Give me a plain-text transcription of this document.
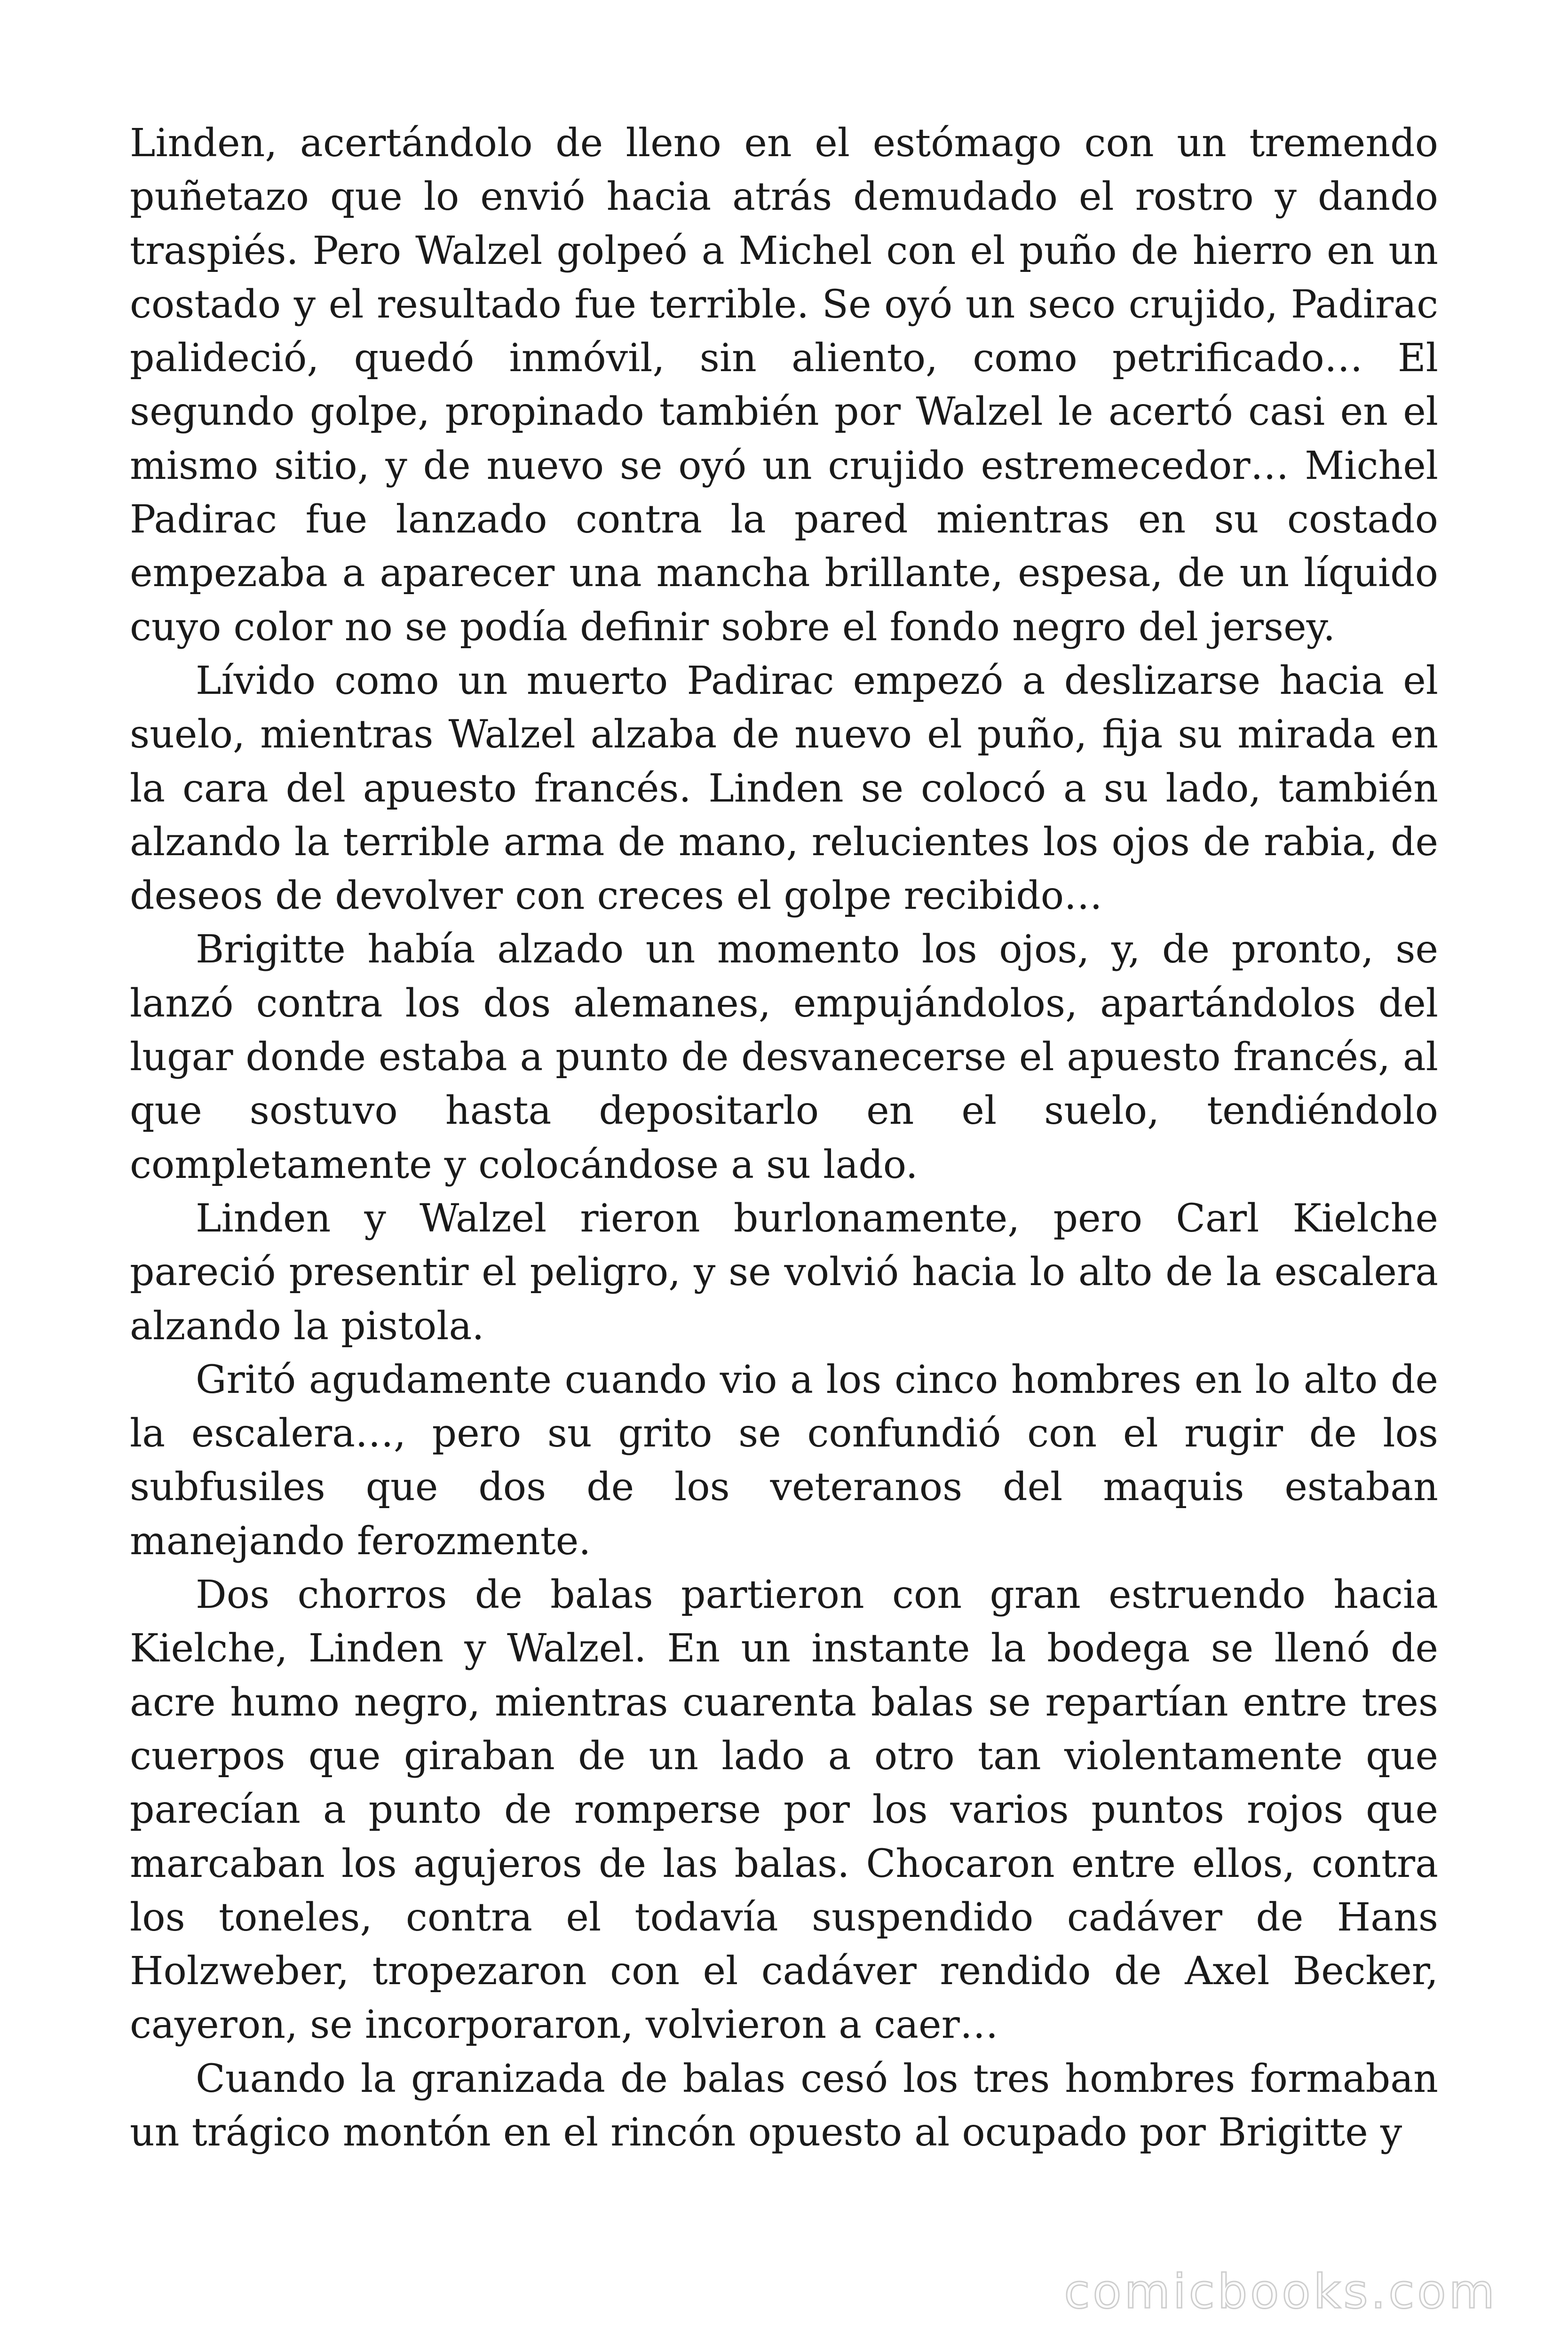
Linden, acertándolo de lleno en el estómago con un tremendo puñetazo que lo envió hacia atrás demudado el rostro y dando traspiés. Pero Walzel golpeó a Michel con el puño de hierro en un costado y el resultado fue terrible. Se oyó un seco crujido, Padirac palideció, quedó inmóvil, sin aliento, como petrificado… El segundo golpe, propinado también por Walzel le acertó casi en el mismo sitio, y de nuevo se oyó un crujido estremecedor… Michel Padirac fue lanzado contra la pared mientras en su costado empezaba a aparecer una mancha brillante, espesa, de un líquido cuyo color no se podía definir sobre el fondo negro del jersey.

Lívido como un muerto Padirac empezó a deslizarse hacia el suelo, mientras Walzel alzaba de nuevo el puño, fija su mirada en la cara del apuesto francés. Linden se colocó a su lado, también alzando la terrible arma de mano, relucientes los ojos de rabia, de deseos de devolver con creces el golpe recibido…

Brigitte había alzado un momento los ojos, y, de pronto, se lanzó contra los dos alemanes, empujándolos, apartándolos del lugar donde estaba a punto de desvanecerse el apuesto francés, al que sostuvo hasta depositarlo en el suelo, tendiéndolo completamente y colocándose a su lado.

Linden y Walzel rieron burlonamente, pero Carl Kielche pareció presentir el peligro, y se volvió hacia lo alto de la escalera alzando la pistola.

Gritó agudamente cuando vio a los cinco hombres en lo alto de la escalera…, pero su grito se confundió con el rugir de los subfusiles que dos de los veteranos del maquis estaban manejando ferozmente.

Dos chorros de balas partieron con gran estruendo hacia Kielche, Linden y Walzel. En un instante la bodega se llenó de acre humo negro, mientras cuarenta balas se repartían entre tres cuerpos que giraban de un lado a otro tan violentamente que parecían a punto de romperse por los varios puntos rojos que marcaban los agujeros de las balas. Chocaron entre ellos, contra los toneles, contra el todavía suspendido cadáver de Hans Holzweber, tropezaron con el cadáver rendido de Axel Becker, cayeron, se incorporaron, volvieron a caer…

Cuando la granizada de balas cesó los tres hombres formaban un trágico montón en el rincón opuesto al ocupado por Brigitte y

comicbooks.com
